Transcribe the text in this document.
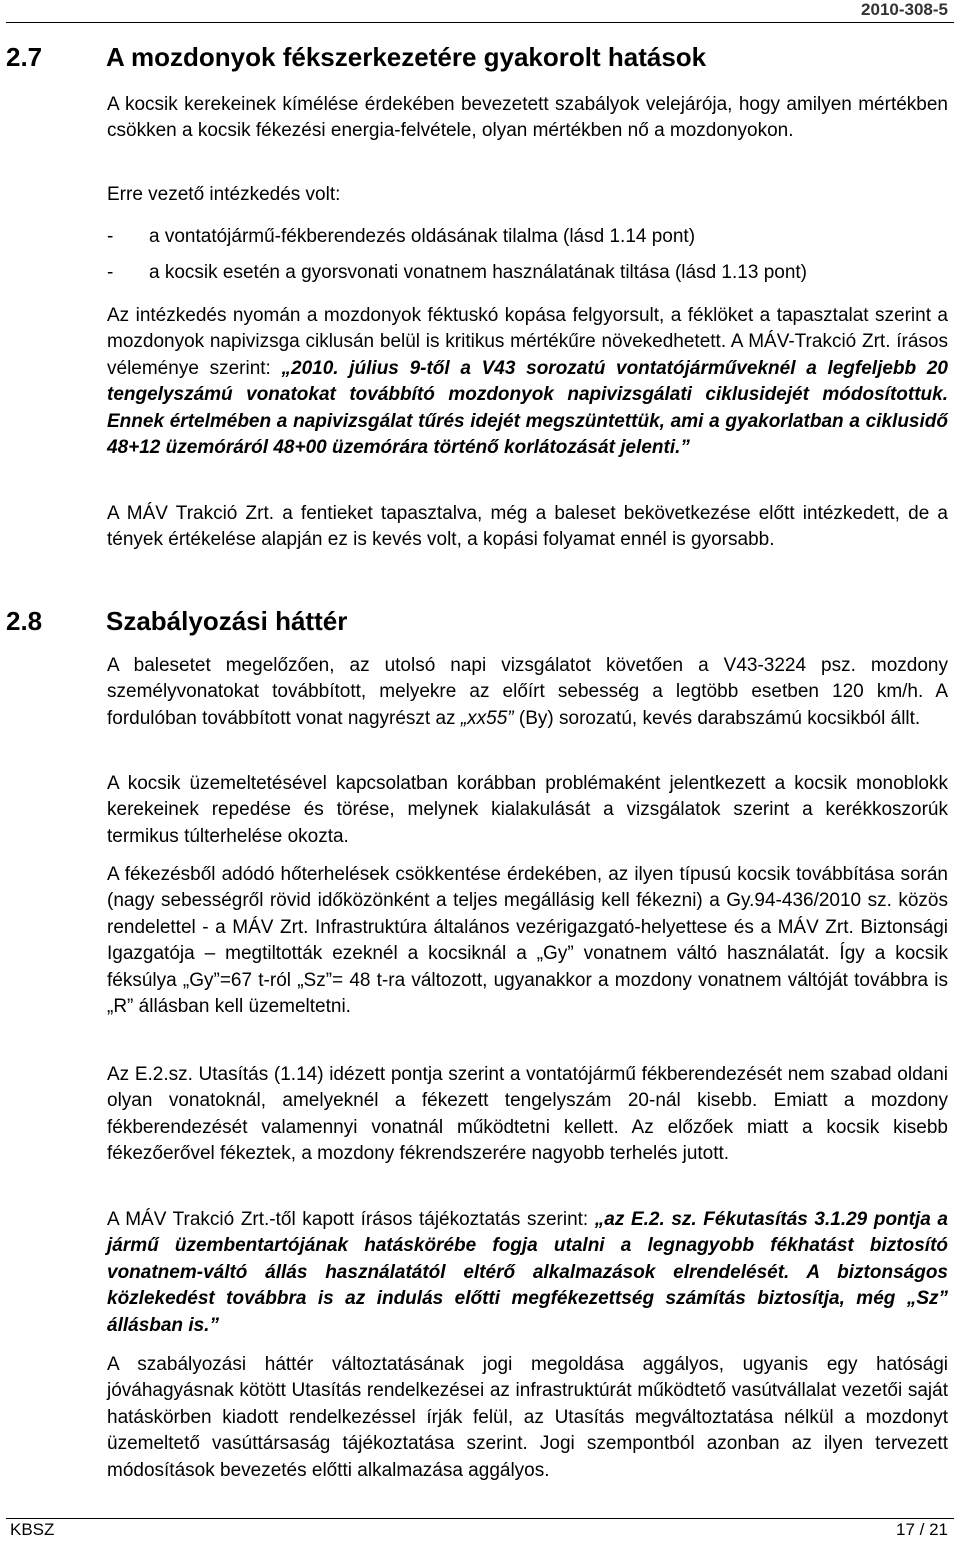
2010-308-5
2.7 A mozdonyok fékszerkezetére gyakorolt hatások

A kocsik kerekeinek kímélése érdekében bevezetett szabályok velejárója, hogy amilyen mértékben csökken a kocsik fékezési energia-felvétele, olyan mértékben nő a mozdonyokon.

Erre vezető intézkedés volt:

- a vontatójármű-fékberendezés oldásának tilalma (lásd 1.14 pont)
- a kocsik esetén a gyorsvonati vonatnem használatának tiltása (lásd 1.13 pont)

Az intézkedés nyomán a mozdonyok féktuskó kopása felgyorsult, a féklöket a tapasztalat szerint a mozdonyok napivizsga ciklusán belül is kritikus mértékűre növekedhetett. A MÁV-Trakció Zrt. írásos véleménye szerint: „2010. július 9-től a V43 sorozatú vontatójárműveknél a legfeljebb 20 tengelyszámú vonatokat továbbító mozdonyok napivizsgálati ciklusidejét módosítottuk. Ennek értelmében a napivizsgálat tűrés idejét megszüntettük, ami a gyakorlatban a ciklusidő 48+12 üzemóráról 48+00 üzemórára történő korlátozását jelenti.”

A MÁV Trakció Zrt. a fentieket tapasztalva, még a baleset bekövetkezése előtt intézkedett, de a tények értékelése alapján ez is kevés volt, a kopási folyamat ennél is gyorsabb.

2.8 Szabályozási háttér

A balesetet megelőzően, az utolsó napi vizsgálatot követően a V43-3224 psz. mozdony személyvonatokat továbbított, melyekre az előírt sebesség a legtöbb esetben 120 km/h. A fordulóban továbbított vonat nagyrészt az „xx55” (By) sorozatú, kevés darabszámú kocsikból állt.

A kocsik üzemeltetésével kapcsolatban korábban problémaként jelentkezett a kocsik monoblokk kerekeinek repedése és törése, melynek kialakulását a vizsgálatok szerint a kerékkoszorúk termikus túlterhelése okozta.

A fékezésből adódó hőterhelések csökkentése érdekében, az ilyen típusú kocsik továbbítása során (nagy sebességről rövid időközönként a teljes megállásig kell fékezni) a Gy.94-436/2010 sz. közös rendelettel - a MÁV Zrt. Infrastruktúra általános vezérigazgató-helyettese és a MÁV Zrt. Biztonsági Igazgatója – megtiltották ezeknél a kocsiknál a „Gy” vonatnem váltó használatát. Így a kocsik féksúlya „Gy”=67 t-ról „Sz”= 48 t-ra változott, ugyanakkor a mozdony vonatnem váltóját továbbra is „R” állásban kell üzemeltetni.

Az E.2.sz. Utasítás (1.14) idézett pontja szerint a vontatójármű fékberendezését nem szabad oldani olyan vonatoknál, amelyeknél a fékezett tengelyszám 20-nál kisebb. Emiatt a mozdony fékberendezését valamennyi vonatnál működtetni kellett. Az előzőek miatt a kocsik kisebb fékezőerővel fékeztek, a mozdony fékrendszerére nagyobb terhelés jutott.

A MÁV Trakció Zrt.-től kapott írásos tájékoztatás szerint: „az E.2. sz. Fékutasítás 3.1.29 pontja a jármű üzembentartójának hatáskörébe fogja utalni a legnagyobb fékhatást biztosító vonatnem-váltó állás használatától eltérő alkalmazások elrendelését. A biztonságos közlekedést továbbra is az indulás előtti megfékezettség számítás biztosítja, még „Sz” állásban is.”

A szabályozási háttér változtatásának jogi megoldása aggályos, ugyanis egy hatósági jóváhagyásnak kötött Utasítás rendelkezései az infrastruktúrát működtető vasútvállalat vezetői saját hatáskörben kiadott rendelkezéssel írják felül, az Utasítás megváltoztatása nélkül a mozdonyt üzemeltető vasúttársaság tájékoztatása szerint. Jogi szempontból azonban az ilyen tervezett módosítások bevezetés előtti alkalmazása aggályos.

KBSZ	17 / 21
